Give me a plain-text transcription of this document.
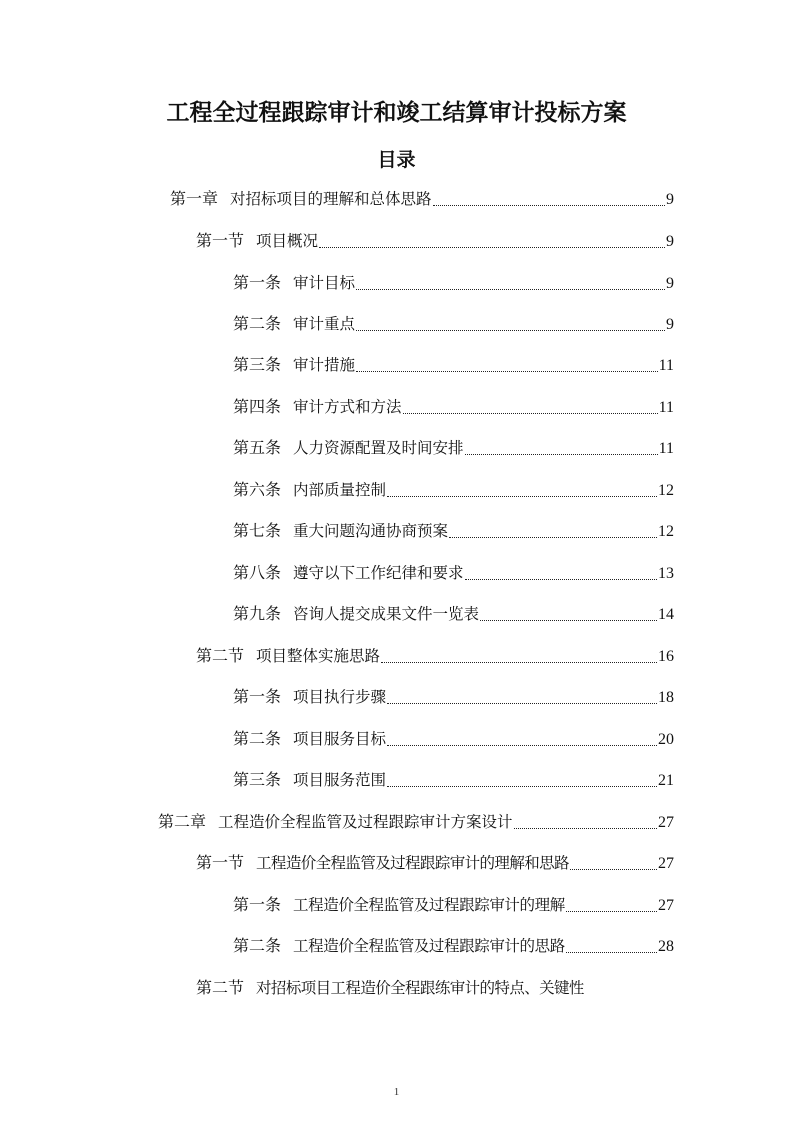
工程全过程跟踪审计和竣工结算审计投标方案
目录
第一章 对招标项目的理解和总体思路	9
第一节 项目概况	9
第一条 审计目标	9
第二条 审计重点	9
第三条 审计措施	11
第四条 审计方式和方法	11
第五条 人力资源配置及时间安排	11
第六条 内部质量控制	12
第七条 重大问题沟通协商预案	12
第八条 遵守以下工作纪律和要求	13
第九条 咨询人提交成果文件一览表	14
第二节 项目整体实施思路	16
第一条 项目执行步骤	18
第二条 项目服务目标	20
第三条 项目服务范围	21
第二章 工程造价全程监管及过程跟踪审计方案设计	27
第一节 工程造价全程监管及过程跟踪审计的理解和思路	27
第一条 工程造价全程监管及过程跟踪审计的理解	27
第二条 工程造价全程监管及过程跟踪审计的思路	28
第二节 对招标项目工程造价全程跟练审计的特点、关键性
1
